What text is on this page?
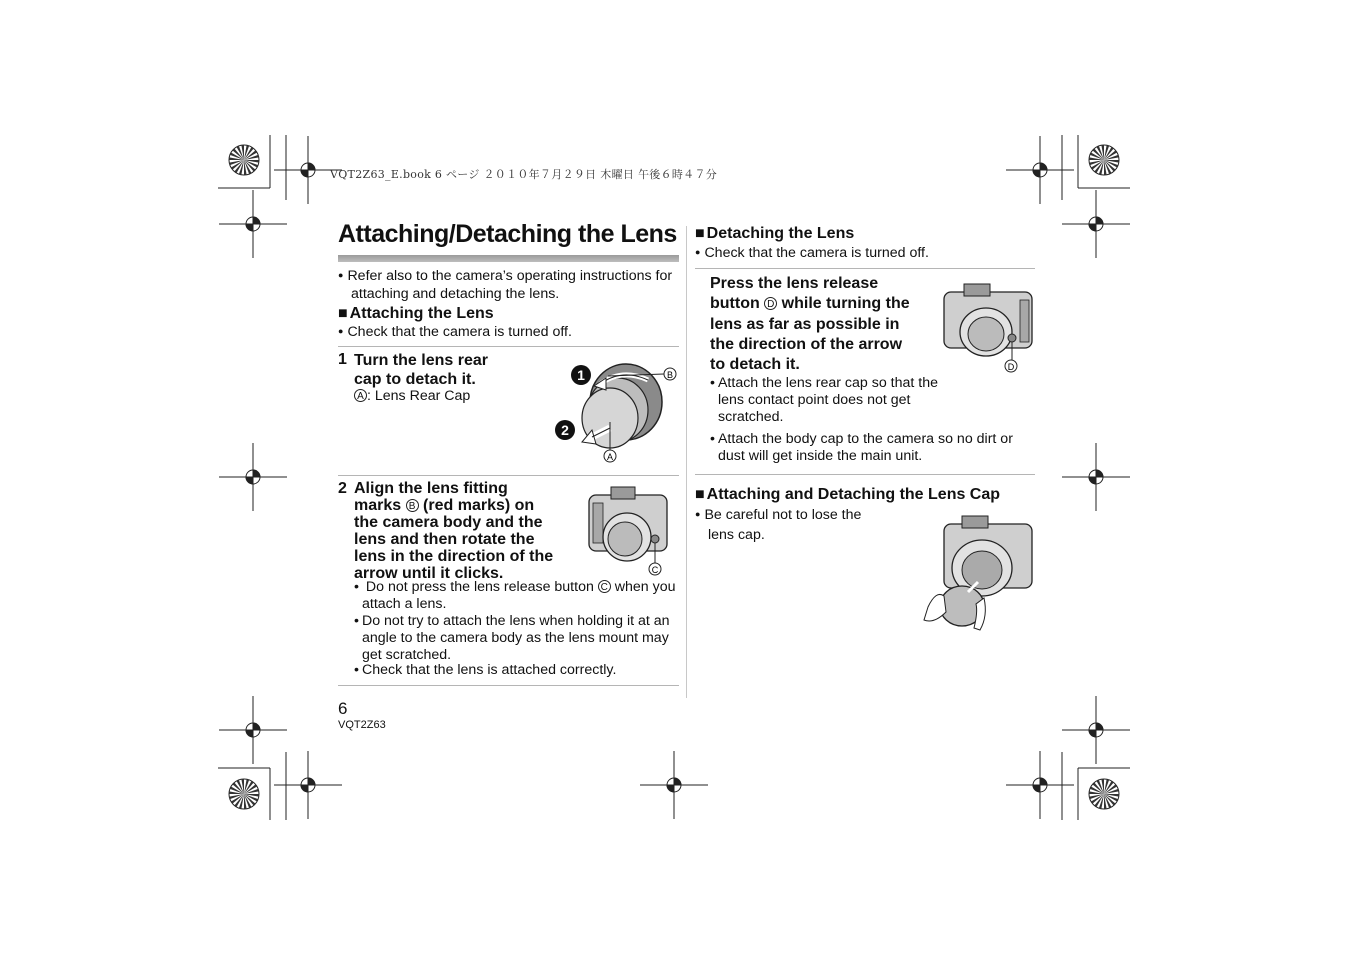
VQT2Z63_E.book 6 ページ ２０１０年７月２９日 木曜日 午後６時４７分
Attaching/Detaching the Lens
● Refer also to the camera’s operating instructions for attaching and detaching the lens.
■ Attaching the Lens
● Check that the camera is turned off.
1 Turn the lens rear cap to detach it.
A : Lens Rear Cap
1
2
B
A
2 Align the lens fitting
marks B (red marks) on
the camera body and the lens and then rotate the lens in the direction of the arrow until it clicks.	C
• Do not press the lens release button C when you attach a lens.
• Do not try to attach the lens when holding it at an angle to the camera body as the lens mount may get scratched.
• Check that the lens is attached correctly.
■ Detaching the Lens
● Check that the camera is turned off.
Press the lens release button D while turning the lens as far as possible in the direction of the arrow to detach it.	D
• Attach the lens rear cap so that the lens contact point does not get scratched.
• Attach the body cap to the camera so no dirt or dust will get inside the main unit.
■ Attaching and Detaching the Lens Cap
● Be careful not to lose the lens cap.
6
VQT2Z63
